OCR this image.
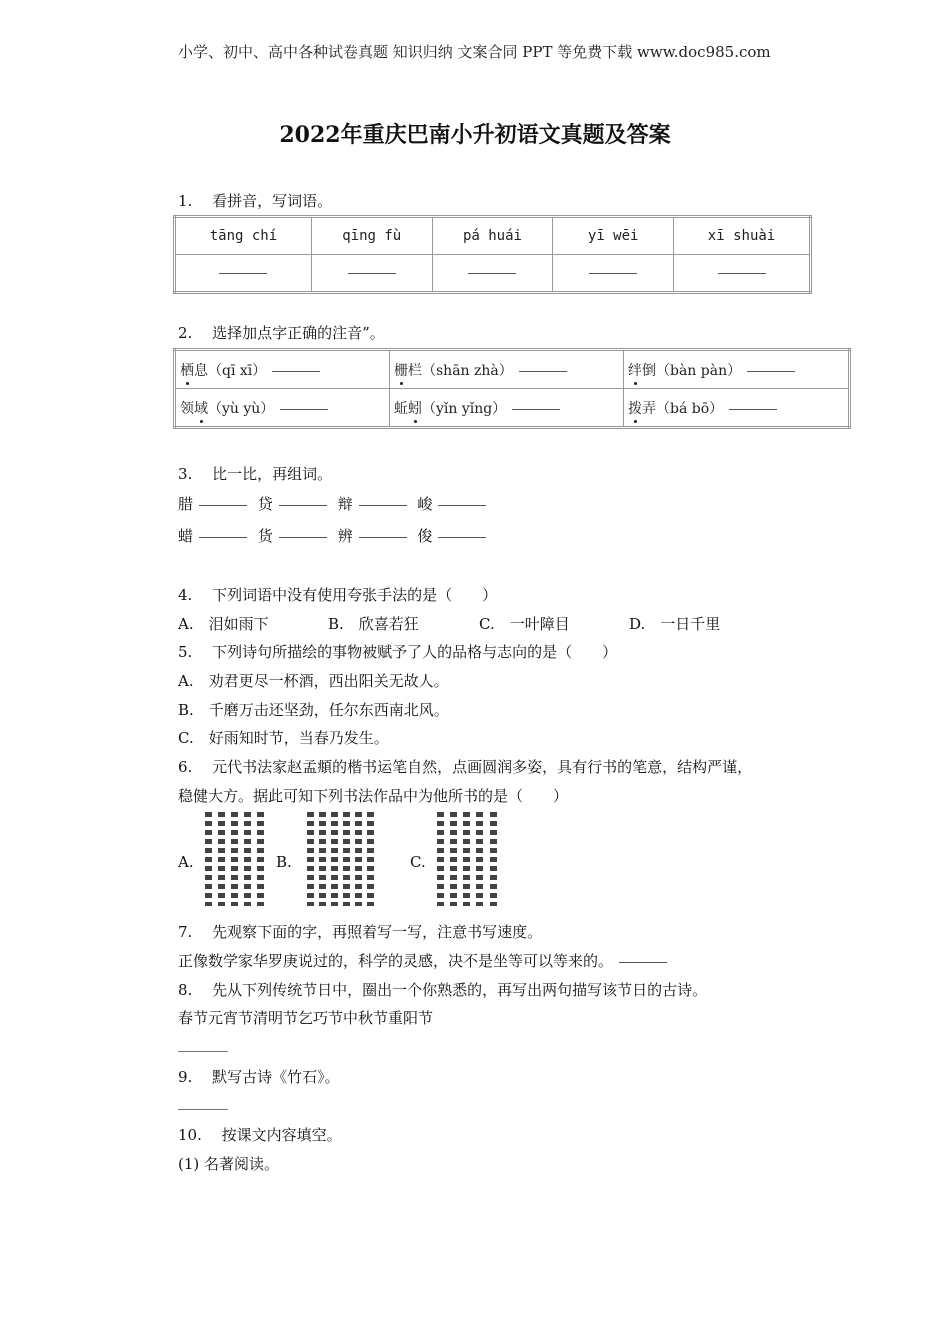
小学、初中、高中各种试卷真题 知识归纳 文案合同 PPT 等免费下载 www.doc985.com
2022年重庆巴南小升初语文真题及答案
1.　 看拼音，写词语。
tāng chí	qīng fù	pá huái	yī wēi	xī shuài

2.　 选择加点字正确的注音”。
栖息（qī xī）	栅栏（shān zhà）	绊倒（bàn pàn）
领域（yù yù）	蚯蚓（yǐn yǐng）	拨弄（bá bō）
3.　 比一比，再组词。
腊	贷	辩	峻
蜡	货	辨	俊
4.　 下列词语中没有使用夸张手法的是（　　）
A.　泪如雨下	B.　欣喜若狂	C.　一叶障目	D.　一日千里
5.　 下列诗句所描绘的事物被赋予了人的品格与志向的是（　　）
A.　劝君更尽一杯酒，西出阳关无故人。
B.　千磨万击还坚劲，任尔东西南北风。
C.　好雨知时节，当春乃发生。
6.　 元代书法家赵孟頫的楷书运笔自然，点画圆润多姿，具有行书的笔意，结构严谨，
稳健大方。据此可知下列书法作品中为他所书的是（　　）
A.	B.	C.
7.　 先观察下面的字，再照着写一写，注意书写速度。
正像数学家华罗庚说过的，科学的灵感，决不是坐等可以等来的。
8.　 先从下列传统节日中，圈出一个你熟悉的，再写出两句描写该节日的古诗。
春节元宵节清明节乞巧节中秋节重阳节
9.　 默写古诗《竹石》。
10.　 按课文内容填空。
(1) 名著阅读。
